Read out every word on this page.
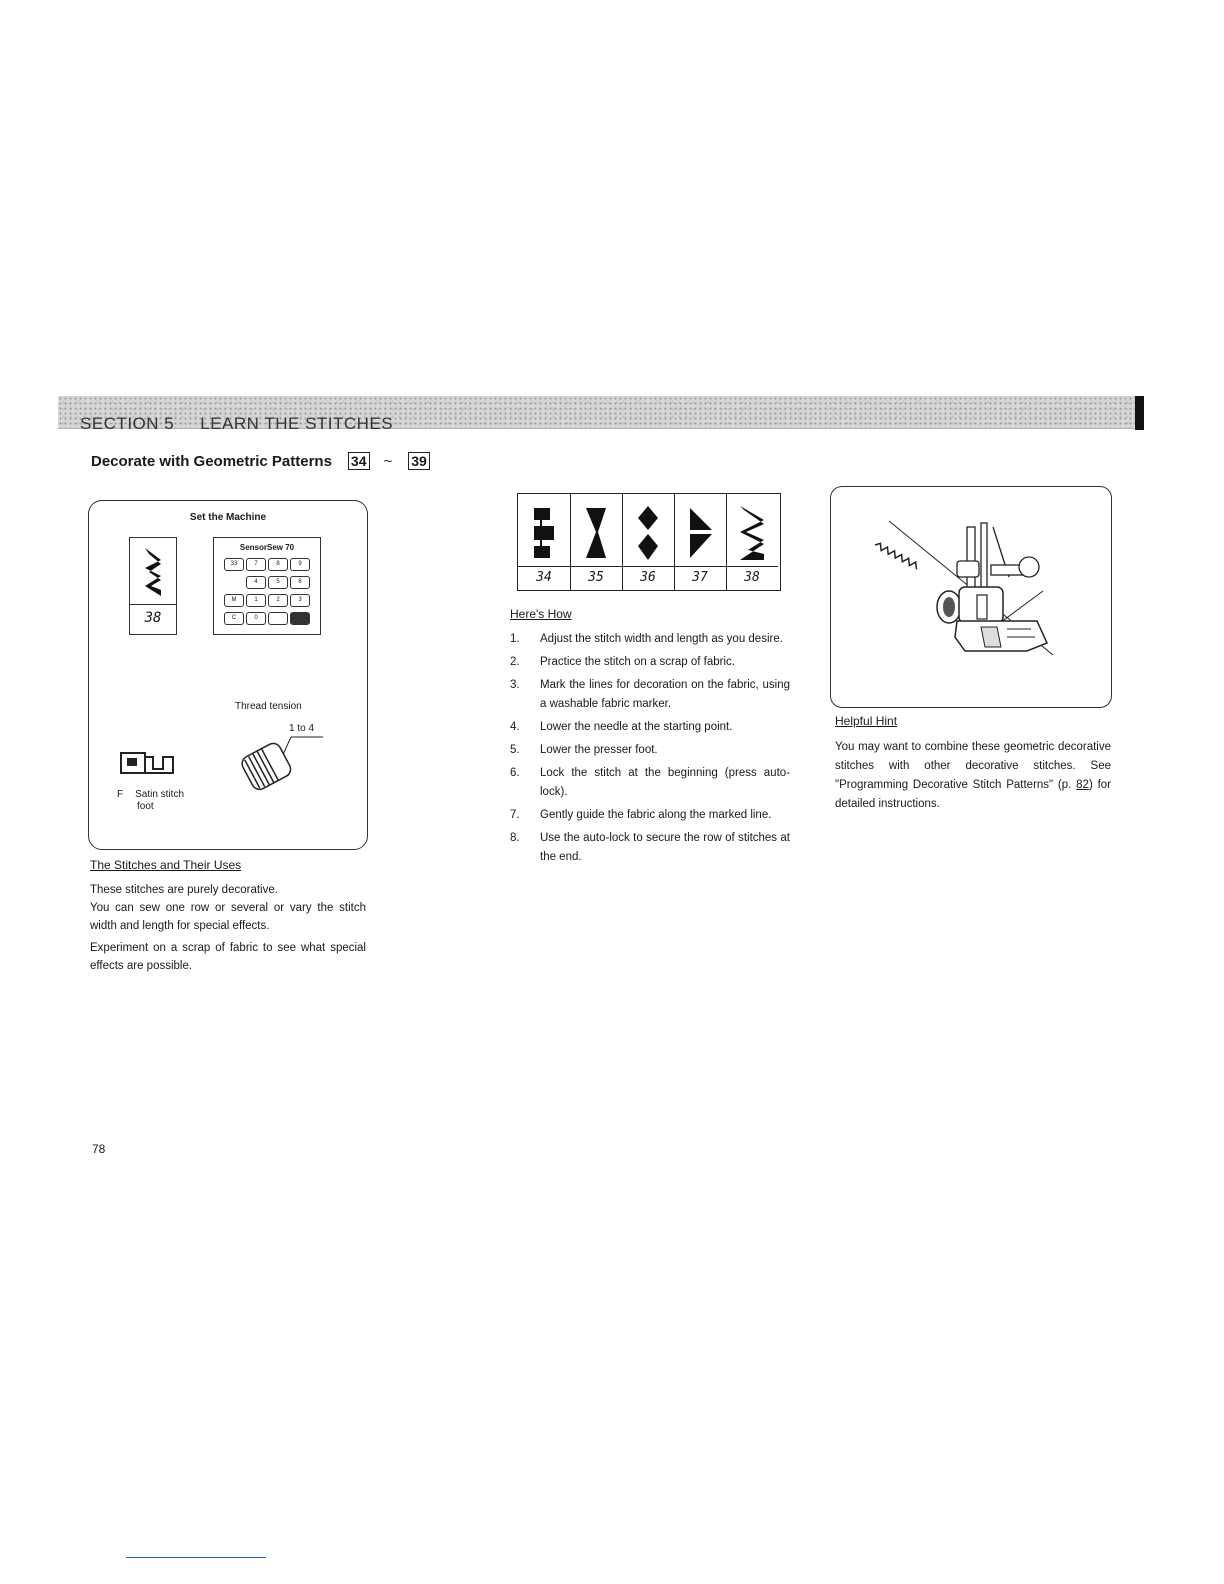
SECTION 5 LEARN THE STITCHES
Decorate with Geometric Patterns 34 ~ 39
Set the Machine
38
SensorSew 70
33	7	8	9
4	5	6
M	1	2	3
C	0
Thread tension
1 to 4
F Satin stitch
foot
The Stitches and Their Uses
These stitches are purely decorative.
You can sew one row or several or vary the stitch width and length for special effects.
Experiment on a scrap of fabric to see what special effects are possible.
34	35	36	37	38
Here's How
1.	Adjust the stitch width and length as you desire.
2.	Practice the stitch on a scrap of fabric.
3.	Mark the lines for decoration on the fabric, using a washable fabric marker.
4.	Lower the needle at the starting point.
5.	Lower the presser foot.
6.	Lock the stitch at the beginning (press auto-lock).
7.	Gently guide the fabric along the marked line.
8.	Use the auto-lock to secure the row of stitches at the end.
Helpful Hint
You may want to combine these geometric decorative stitches with other decorative stitches. See "Programming Decorative Stitch Patterns" (p. 82) for detailed instructions.
78
